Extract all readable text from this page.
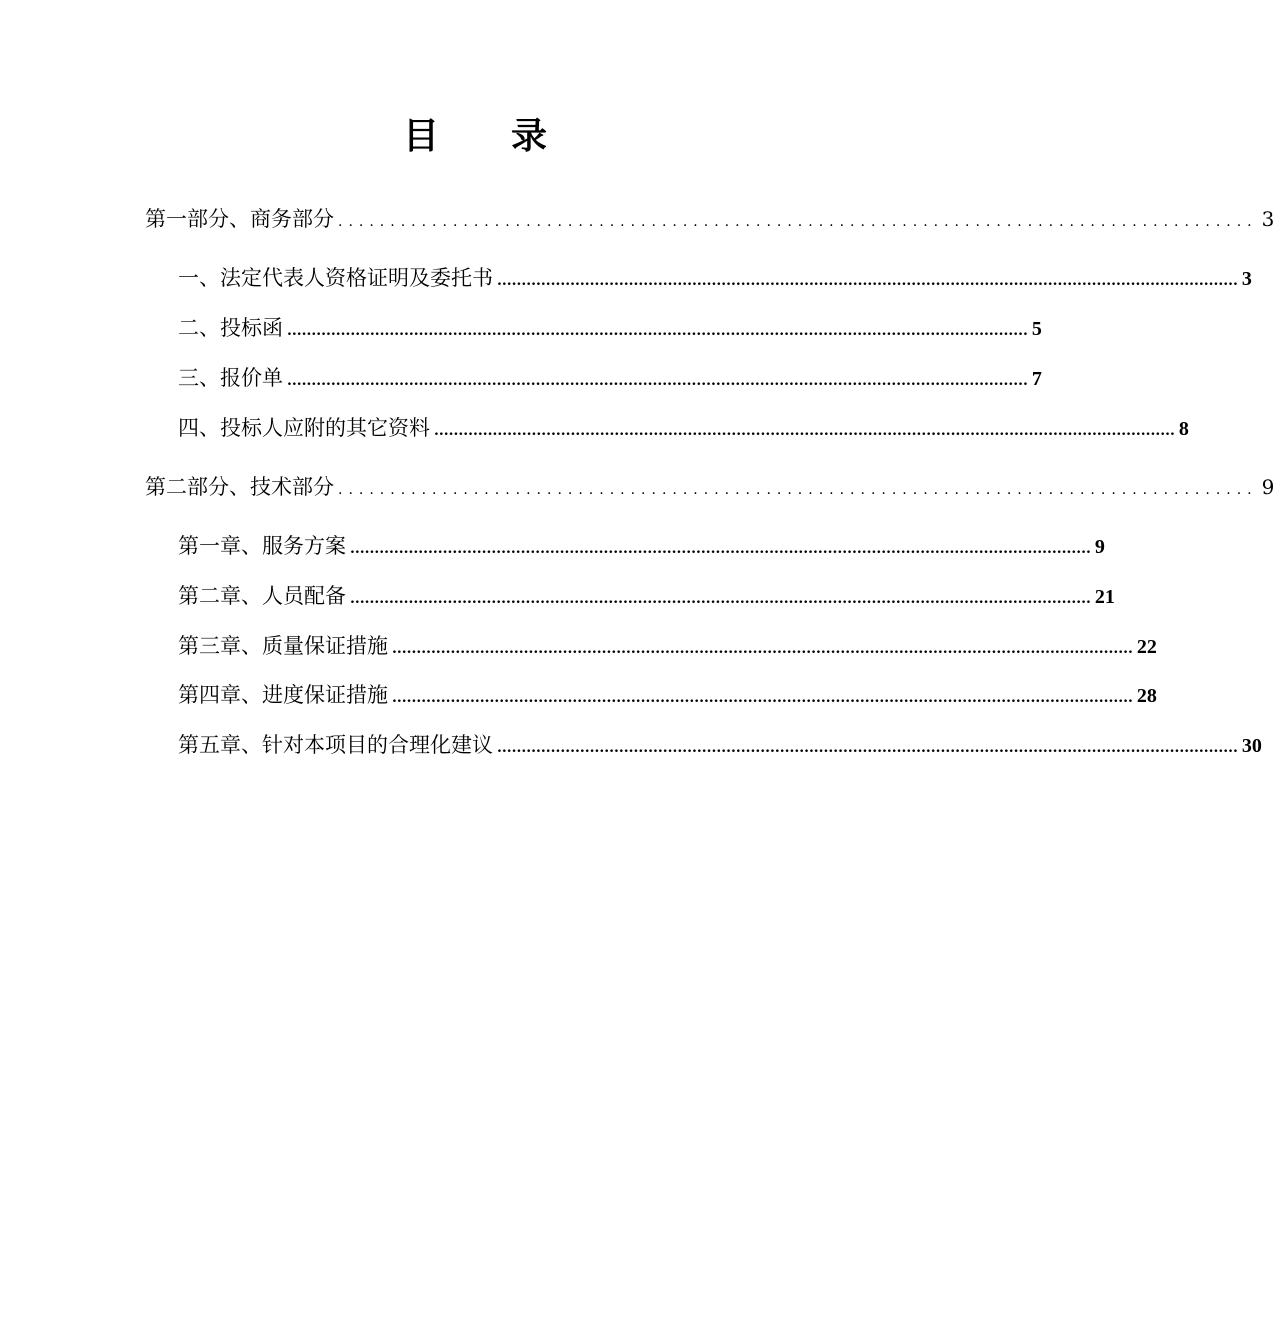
目 录
第一部分、商务部分 ........................................................................................ 3
一、法定代表人资格证明及委托书 ........................................................................................................................................................ 3
二、投标函 ........................................................................................................................................................ 5
三、报价单 ........................................................................................................................................................ 7
四、投标人应附的其它资料 ........................................................................................................................................................ 8
第二部分、技术部分 ........................................................................................ 9
第一章、服务方案 ........................................................................................................................................................ 9
第二章、人员配备 ........................................................................................................................................................ 21
第三章、质量保证措施 ........................................................................................................................................................ 22
第四章、进度保证措施 ........................................................................................................................................................ 28
第五章、针对本项目的合理化建议 ........................................................................................................................................................ 30
